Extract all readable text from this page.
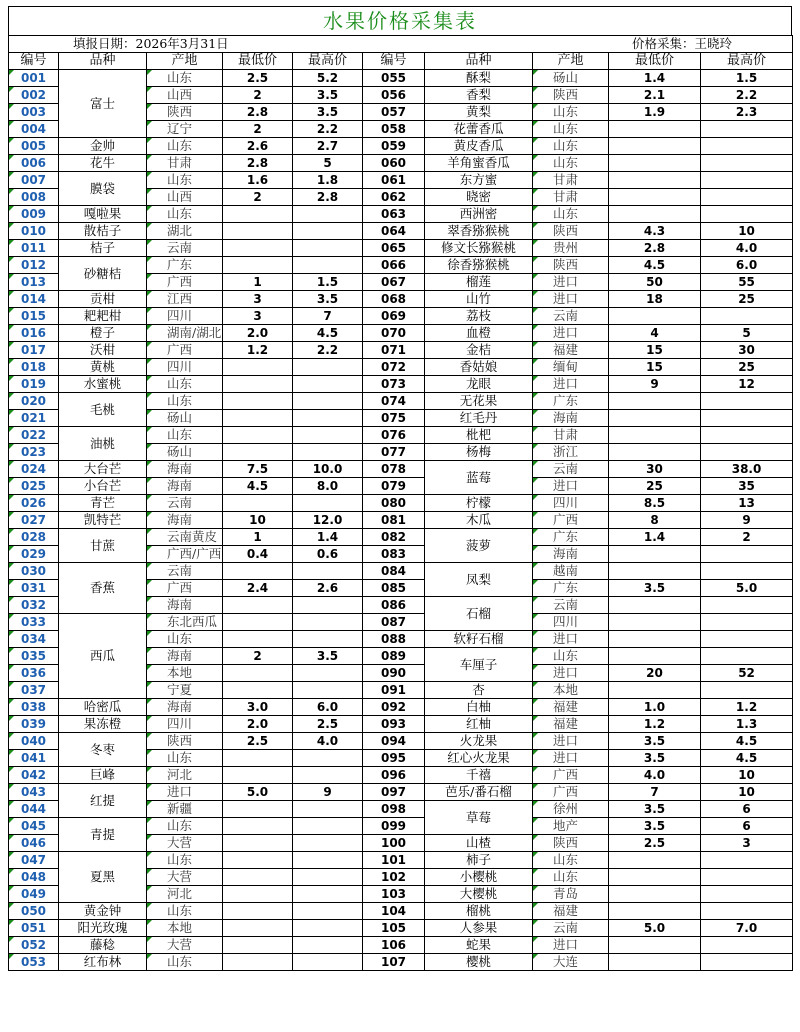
水果价格采集表
填报日期：2026年3月31日					价格采集：王晓玲				
编号	品种	产地	最低价	最高价	编号	品种	产地	最低价	最高价
001	富士	山东	2.5	5.2	055	酥梨	砀山	1.4	1.5
002		山西	2	3.5	056	香梨	陕西	2.1	2.2
003		陕西	2.8	3.5	057	黄梨	山东	1.9	2.3
004		辽宁	2	2.2	058	花蕾香瓜	山东		
005	金帅	山东	2.6	2.7	059	黄皮香瓜	山东		
006	花牛	甘肃	2.8	5	060	羊角蜜香瓜	山东		
007	膜袋	山东	1.6	1.8	061	东方蜜	甘肃		
008		山西	2	2.8	062	晓密	甘肃		
009	嘎啦果	山东			063	西洲密	山东		
010	散桔子	湖北			064	翠香猕猴桃	陕西	4.3	10
011	桔子	云南			065	修文长猕猴桃	贵州	2.8	4.0
012	砂糖桔	广东			066	徐香猕猴桃	陕西	4.5	6.0
013		广西	1	1.5	067	榴莲	进口	50	55
014	贡柑	江西	3	3.5	068	山竹	进口	18	25
015	耙耙柑	四川	3	7	069	荔枝	云南		
016	橙子	湖南/湖北	2.0	4.5	070	血橙	进口	4	5
017	沃柑	广西	1.2	2.2	071	金桔	福建	15	30
018	黄桃	四川			072	香姑娘	缅甸	15	25
019	水蜜桃	山东			073	龙眼	进口	9	12
020	毛桃	山东			074	无花果	广东		
021		砀山			075	红毛丹	海南		
022	油桃	山东			076	枇杷	甘肃		
023		砀山			077	杨梅	浙江		
024	大台芒	海南	7.5	10.0	078	蓝莓	云南	30	38.0
025	小台芒	海南	4.5	8.0	079		进口	25	35
026	青芒	云南			080	柠檬	四川	8.5	13
027	凯特芒	海南	10	12.0	081	木瓜	广西	8	9
028	甘蔗	云南黄皮	1	1.4	082	菠萝	广东	1.4	2
029		广西/广西	0.4	0.6	083		海南		
030	香蕉	云南			084	凤梨	越南		
031		广西	2.4	2.6	085		广东	3.5	5.0
032		海南			086	石榴	云南		
033	西瓜	东北西瓜			087		四川		
034		山东			088	软籽石榴	进口		
035		海南	2	3.5	089	车厘子	山东		
036		本地			090		进口	20	52
037		宁夏			091	杏	本地		
038	哈密瓜	海南	3.0	6.0	092	白柚	福建	1.0	1.2
039	果冻橙	四川	2.0	2.5	093	红柚	福建	1.2	1.3
040	冬枣	陕西	2.5	4.0	094	火龙果	进口	3.5	4.5
041		山东			095	红心火龙果	进口	3.5	4.5
042	巨峰	河北			096	千禧	广西	4.0	10
043	红提	进口	5.0	9	097	芭乐/番石榴	广西	7	10
044		新疆			098	草莓	徐州	3.5	6
045	青提	山东			099		地产	3.5	6
046		大营			100	山楂	陕西	2.5	3
047	夏黑	山东			101	柿子	山东		
048		大营			102	小樱桃	山东		
049		河北			103	大樱桃	青岛		
050	黄金钟	山东			104	榴桃	福建		
051	阳光玫瑰	本地			105	人参果	云南	5.0	7.0
052	藤稔	大营			106	蛇果	进口		
053	红布林	山东			107	樱桃	大连		
